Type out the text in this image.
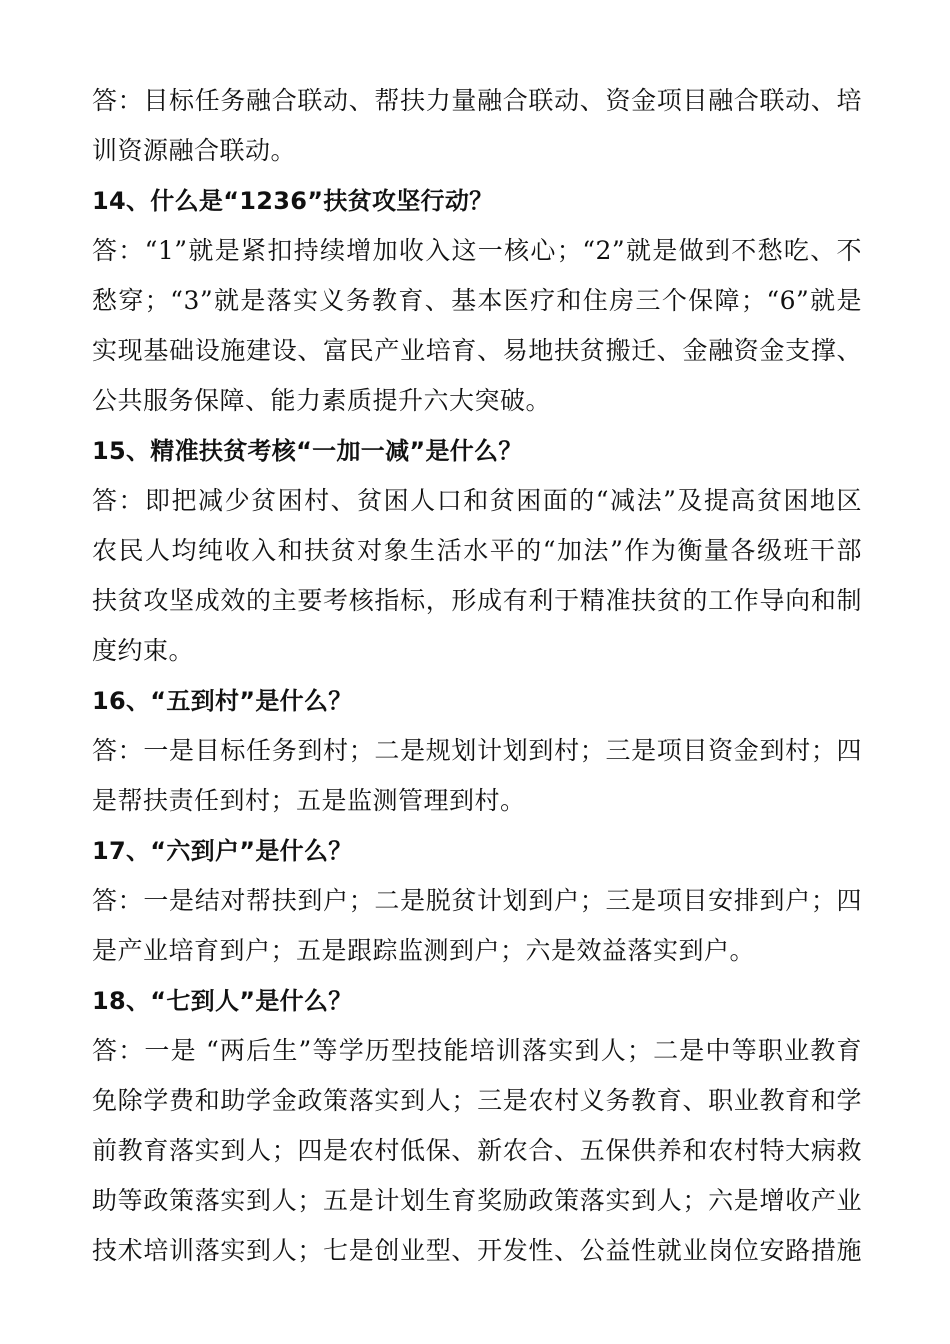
答：目标任务融合联动、帮扶力量融合联动、资金项目融合联动、培
训资源融合联动。
14、什么是“1236”扶贫攻坚行动？
答：“1”就是紧扣持续增加收入这一核心；“2”就是做到不愁吃、不
愁穿；“3”就是落实义务教育、基本医疗和住房三个保障；“6”就是
实现基础设施建设、富民产业培育、易地扶贫搬迁、金融资金支撑、
公共服务保障、能力素质提升六大突破。
15、精准扶贫考核“一加一减”是什么？
答：即把减少贫困村、贫困人口和贫困面的“减法”及提高贫困地区
农民人均纯收入和扶贫对象生活水平的“加法”作为衡量各级班干部
扶贫攻坚成效的主要考核指标，形成有利于精准扶贫的工作导向和制
度约束。
16、“五到村”是什么？
答：一是目标任务到村；二是规划计划到村；三是项目资金到村；四
是帮扶责任到村；五是监测管理到村。
17、“六到户”是什么？
答：一是结对帮扶到户；二是脱贫计划到户；三是项目安排到户；四
是产业培育到户；五是跟踪监测到户；六是效益落实到户。
18、“七到人”是什么？
答：一是 “两后生”等学历型技能培训落实到人；二是中等职业教育
免除学费和助学金政策落实到人；三是农村义务教育、职业教育和学
前教育落实到人；四是农村低保、新农合、五保供养和农村特大病救
助等政策落实到人；五是计划生育奖励政策落实到人；六是增收产业
技术培训落实到人；七是创业型、开发性、公益性就业岗位安路措施
